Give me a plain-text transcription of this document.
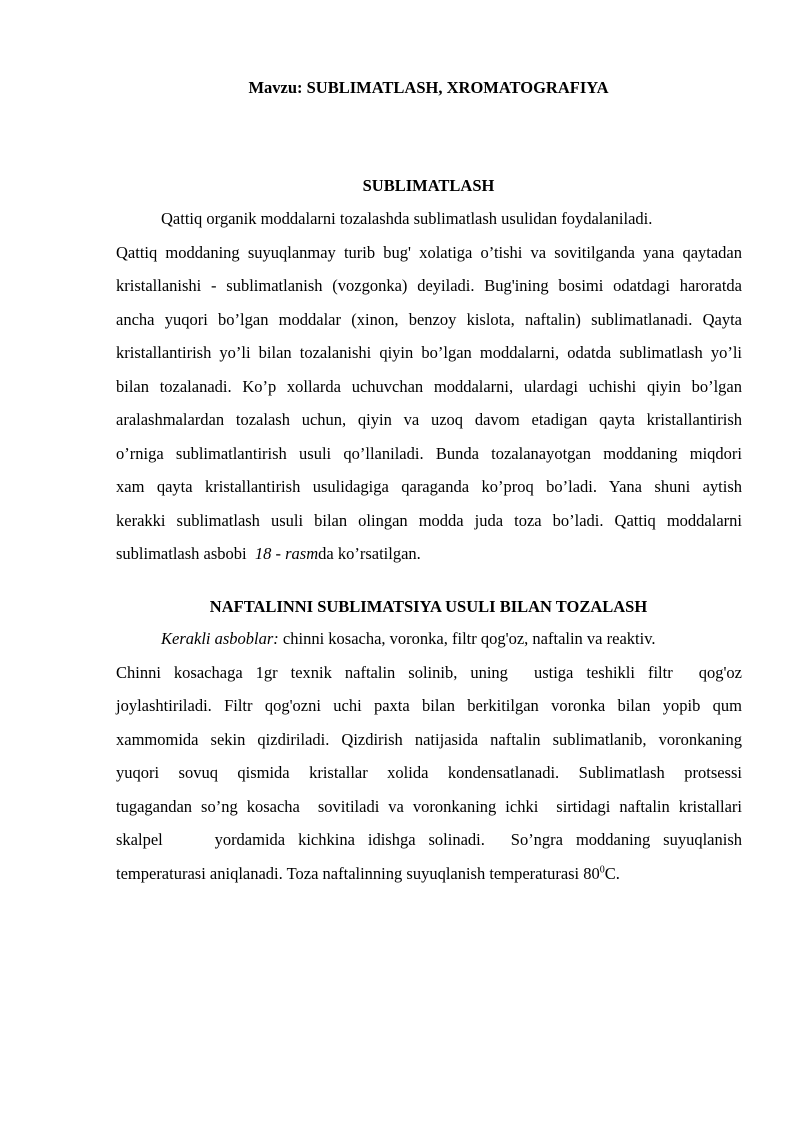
Mavzu: SUBLIMATLASH, XROMATOGRAFIYA
SUBLIMATLASH
Qattiq organik moddalarni tozalashda sublimatlash usulidan foydalaniladi.
Qattiq moddaning suyuqlanmay turib bug' xolatiga o’tishi va sovitilganda yana qaytadan
kristallanishi - sublimatlanish (vozgonka) deyiladi. Bug'ining bosimi odatdagi haroratda
ancha yuqori bo’lgan moddalar (xinon, benzoy kislota, naftalin) sublimatlanadi. Qayta
kristallantirish yo’li bilan tozalanishi qiyin bo’lgan moddalarni, odatda sublimatlash yo’li
bilan tozalanadi. Ko’p xollarda uchuvchan moddalarni, ulardagi uchishi qiyin bo’lgan
aralashmalardan tozalash uchun, qiyin va uzoq davom etadigan qayta kristallantirish
o’rniga sublimatlantirish usuli qo’llaniladi. Bunda tozalanayotgan moddaning miqdori
xam qayta kristallantirish usulidagiga qaraganda ko’proq bo’ladi. Yana shuni aytish
kerakki sublimatlash usuli bilan olingan modda juda toza bo’ladi. Qattiq moddalarni
sublimatlash asbobi  18 - rasmda ko’rsatilgan.
NAFTALINNI SUBLIMATSIYA USULI BILAN TOZALASH
Kerakli asboblar: chinni kosacha, voronka, filtr qog'oz, naftalin va reaktiv.
Chinni kosachaga 1gr texnik naftalin solinib, uning  ustiga teshikli filtr  qog'oz
joylashtiriladi. Filtr qog'ozni uchi paxta bilan berkitilgan voronka bilan yopib qum
xammomida sekin qizdiriladi. Qizdirish natijasida naftalin sublimatlanib, voronkaning
yuqori sovuq qismida kristallar xolida kondensatlanadi. Sublimatlash protsessi
tugagandan so’ng kosacha  sovitiladi va voronkaning ichki  sirtidagi naftalin kristallari
skalpel    yordamida kichkina idishga solinadi.  So’ngra moddaning suyuqlanish
temperaturasi aniqlanadi. Toza naftalinning suyuqlanish temperaturasi $80^0C$.
